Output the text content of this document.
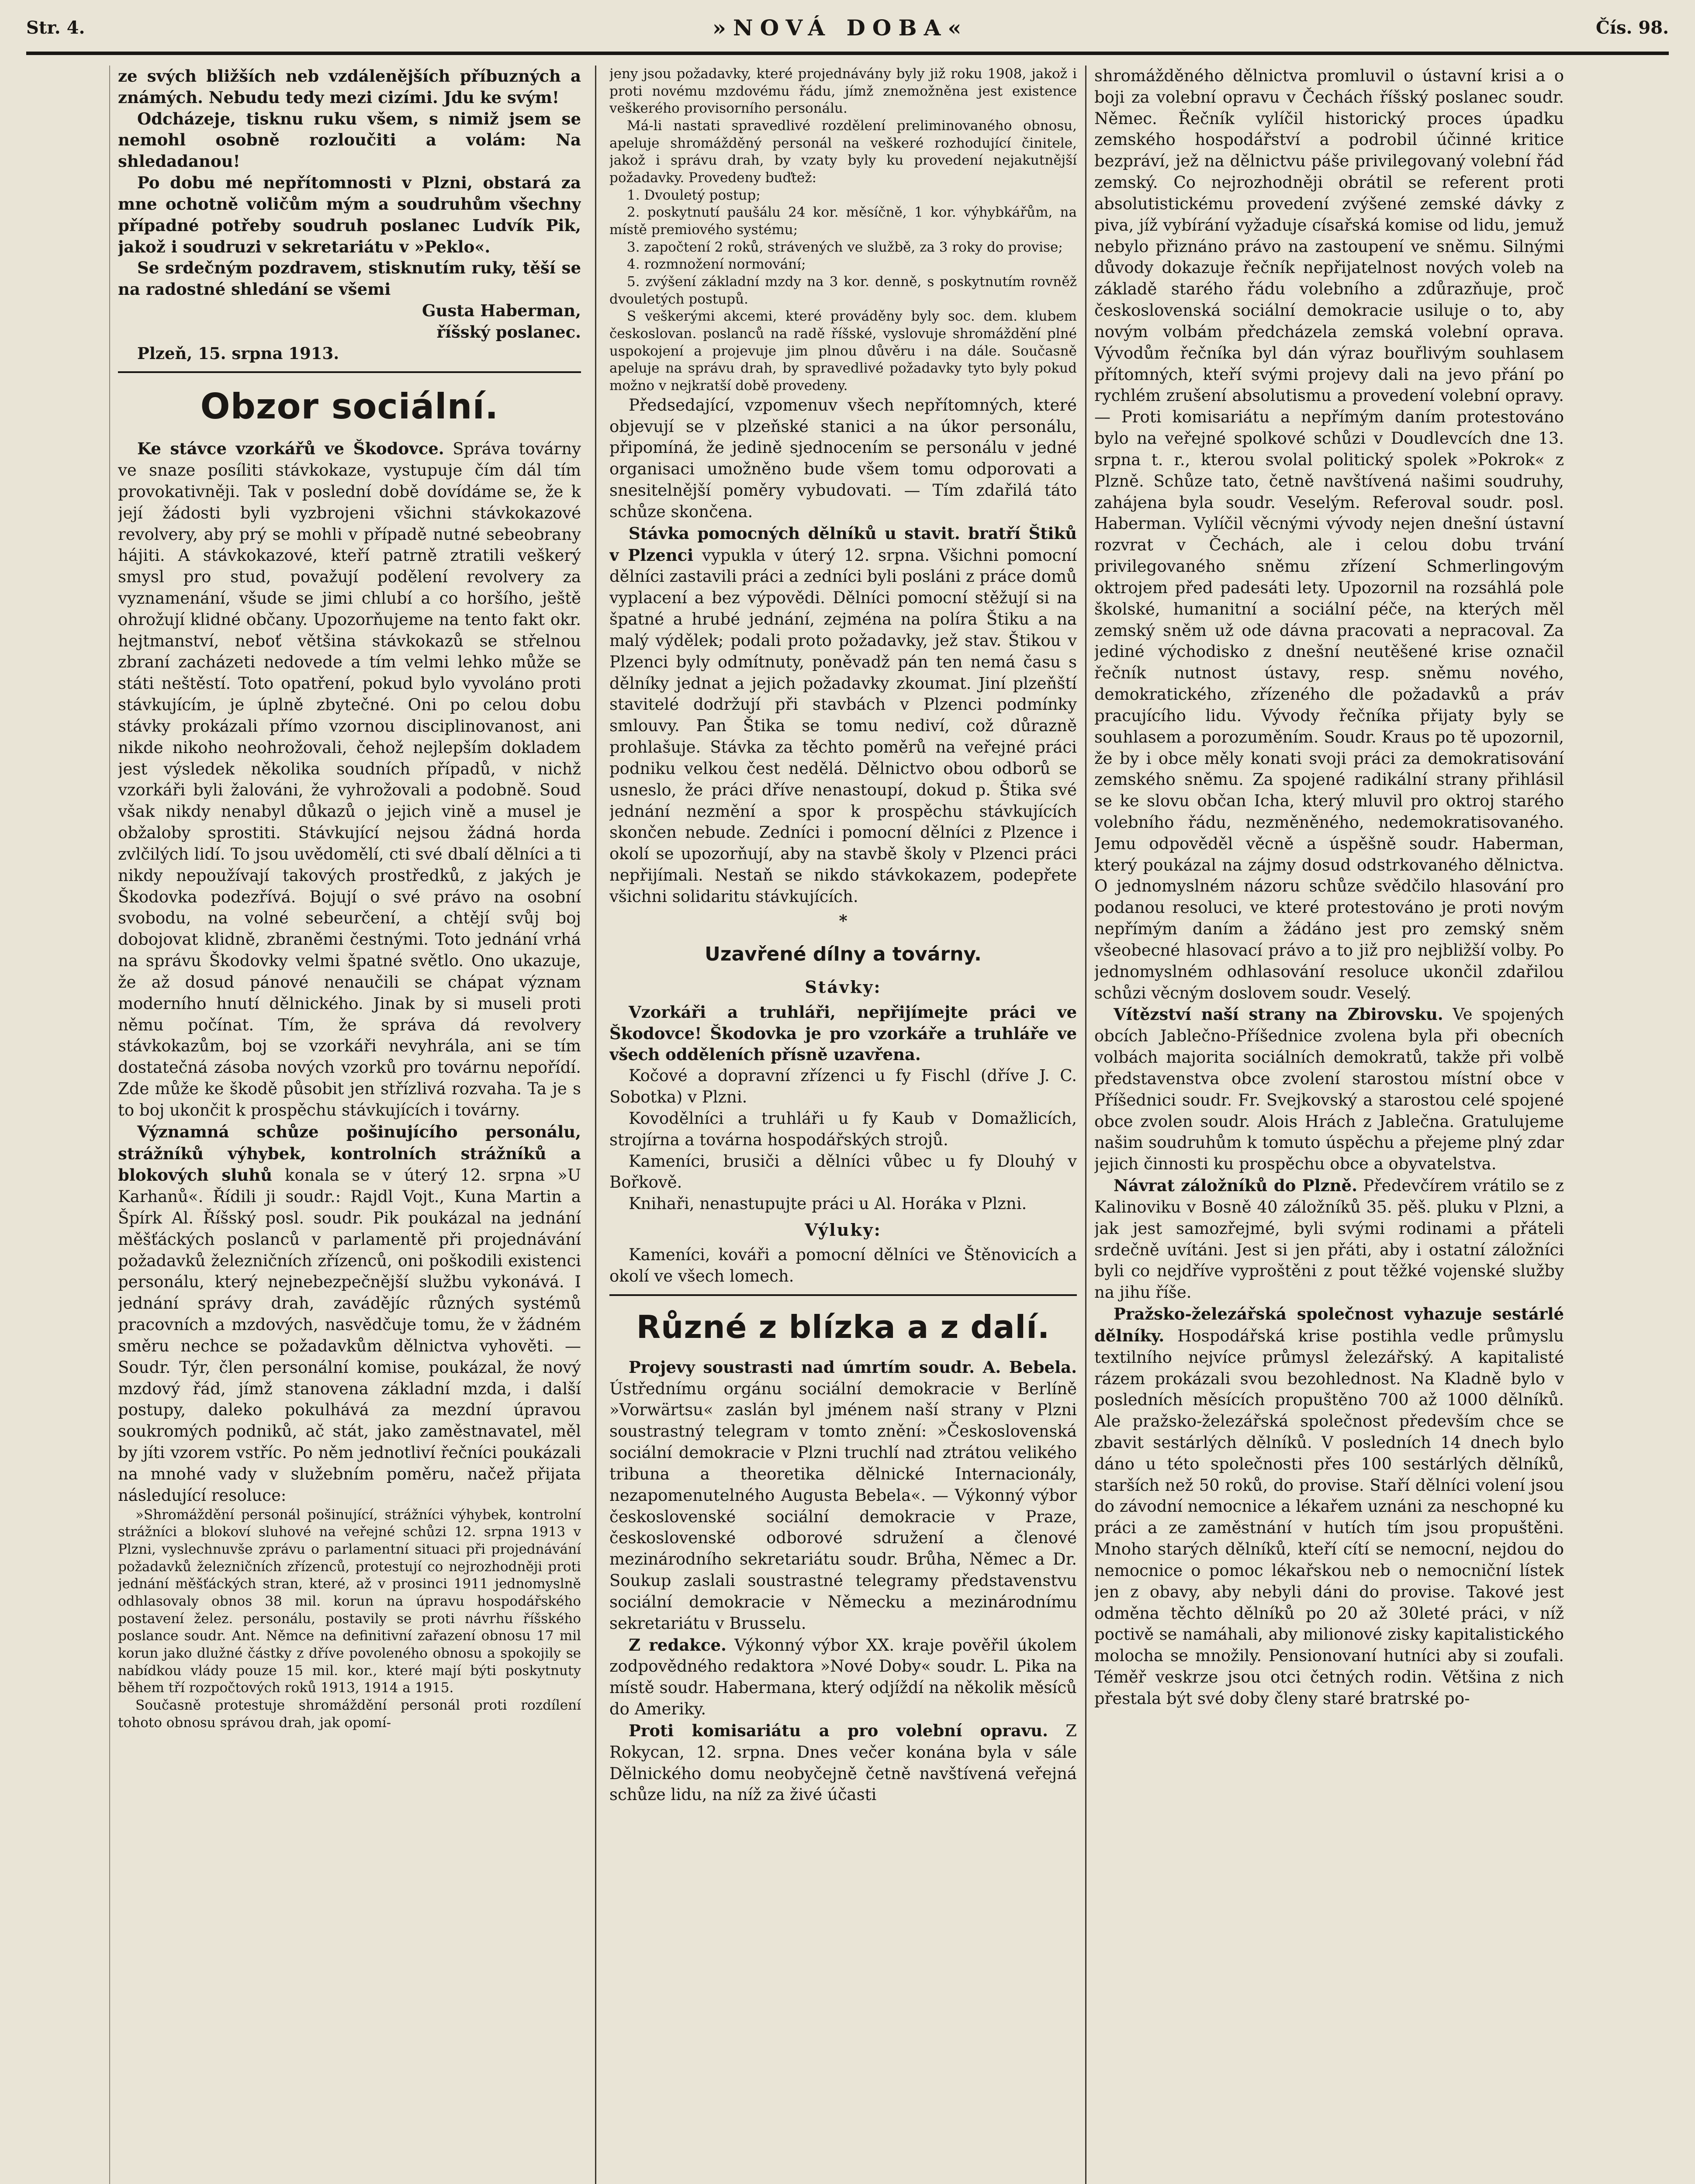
Str. 4.	»NOVÁ DOBA«	Čís. 98.

ze svých bližších neb vzdálenějších příbuzných a známých. Nebudu tedy mezi cizími. Jdu ke svým!

Odcházeje, tisknu ruku všem, s nimiž jsem se nemohl osobně rozloučiti a volám: Na shledadanou!

Po dobu mé nepřítomnosti v Plzni, obstará za mne ochotně voličům mým a soudruhům všechny případné potřeby soudruh poslanec Ludvík Pik, jakož i soudruzi v sekretariátu v »Peklo«.

Se srdečným pozdravem, stisknutím ruky, těší se na radostné shledání se všemi

Gusta Haberman,
říšský poslanec.
Plzeň, 15. srpna 1913.
Obzor sociální.

Ke stávce vzorkářů ve Škodovce. Správa továrny ve snaze posíliti stávkokaze, vystupuje čím dál tím provokativněji. Tak v poslední době dovídáme se, že k její žádosti byli vyzbrojeni všichni stávkokazové revolvery, aby prý se mohli v případě nutné sebeobrany hájiti. A stávkokazové, kteří patrně ztratili veškerý smysl pro stud, považují podělení revolvery za vyznamenání, všude se jimi chlubí a co horšího, ještě ohrožují klidné občany. Upozorňujeme na tento fakt okr. hejtmanství, neboť většina stávkokazů se střelnou zbraní zacházeti nedovede a tím velmi lehko může se státi neštěstí. Toto opatření, pokud bylo vyvoláno proti stávkujícím, je úplně zbytečné. Oni po celou dobu stávky prokázali přímo vzornou disciplinovanost, ani nikde nikoho neohrožovali, čehož nejlepším dokladem jest výsledek několika soudních případů, v nichž vzorkáři byli žalováni, že vyhrožovali a podobně. Soud však nikdy nenabyl důkazů o jejich vině a musel je obžaloby sprostiti. Stávkující nejsou žádná horda zvlčilých lidí. To jsou uvědomělí, cti své dbalí dělníci a ti nikdy nepoužívají takových prostředků, z jakých je Škodovka podezřívá. Bojují o své právo na osobní svobodu, na volné sebeurčení, a chtějí svůj boj dobojovat klidně, zbraněmi čestnými. Toto jednání vrhá na správu Škodovky velmi špatné světlo. Ono ukazuje, že až dosud pánové nenaučili se chápat význam moderního hnutí dělnického. Jinak by si museli proti němu počínat. Tím, že správa dá revolvery stávkokazům, boj se vzorkáři nevyhrála, ani se tím dostatečná zásoba nových vzorků pro továrnu nepořídí. Zde může ke škodě působit jen střízlivá rozvaha. Ta je s to boj ukončit k prospěchu stávkujících i továrny.

Významná schůze pošinujícího personálu, strážníků výhybek, kontrolních strážníků a blokových sluhů konala se v úterý 12. srpna »U Karhanů«. Řídili ji soudr.: Rajdl Vojt., Kuna Martin a Špírk Al. Říšský posl. soudr. Pik poukázal na jednání měšťáckých poslanců v parlamentě při projednávání požadavků železničních zřízenců, oni poškodili existenci personálu, který nejnebezpečnější službu vykonává. I jednání správy drah, zavádějíc různých systémů pracovních a mzdových, nasvědčuje tomu, že v žádném směru nechce se požadavkům dělnictva vyhověti. — Soudr. Týr, člen personální komise, poukázal, že nový mzdový řád, jímž stanovena základní mzda, i další postupy, daleko pokulhává za mezdní úpravou soukromých podniků, ač stát, jako zaměstnavatel, měl by jíti vzorem vstříc. Po něm jednotliví řečníci poukázali na mnohé vady v služebním poměru, načež přijata následující resoluce:

»Shromáždění personál pošinující, strážníci výhybek, kontrolní strážníci a blokoví sluhové na veřejné schůzi 12. srpna 1913 v Plzni, vyslechnuvše zprávu o parlamentní situaci při projednávání požadavků železničních zřízenců, protestují co nejrozhodněji proti jednání měšťáckých stran, které, až v prosinci 1911 jednomyslně odhlasovaly obnos 38 mil. korun na úpravu hospodářského postavení želez. personálu, postavily se proti návrhu říšského poslance soudr. Ant. Němce na definitivní zařazení obnosu 17 mil korun jako dlužné částky z dříve povoleného obnosu a spokojily se nabídkou vlády pouze 15 mil. kor., které mají býti poskytnuty během tří rozpočtových roků 1913, 1914 a 1915.

Současně protestuje shromáždění personál proti rozdílení tohoto obnosu správou drah, jak opomí-

jeny jsou požadavky, které projednávány byly již roku 1908, jakož i proti novému mzdovému řádu, jímž znemožněna jest existence veškerého provisorního personálu.

Má-li nastati spravedlivé rozdělení preliminovaného obnosu, apeluje shromážděný personál na veškeré rozhodující činitele, jakož i správu drah, by vzaty byly ku provedení nejakutnější požadavky. Provedeny buďtež:

1. Dvouletý postup;

2. poskytnutí paušálu 24 kor. měsíčně, 1 kor. výhybkářům, na místě premiového systému;

3. započtení 2 roků, strávených ve službě, za 3 roky do provise;

4. rozmnožení normování;

5. zvýšení základní mzdy na 3 kor. denně, s poskytnutím rovněž dvouletých postupů.

S veškerými akcemi, které prováděny byly soc. dem. klubem českoslovan. poslanců na radě říšské, vyslovuje shromáždění plné uspokojení a projevuje jim plnou důvěru i na dále. Současně apeluje na správu drah, by spravedlivé požadavky tyto byly pokud možno v nejkratší době provedeny.

Předsedající, vzpomenuv všech nepřítomných, které objevují se v plzeňské stanici a na úkor personálu, připomíná, že jedině sjednocením se personálu v jedné organisaci umožněno bude všem tomu odporovati a snesitelnější poměry vybudovati. — Tím zdařilá táto schůze skončena.

Stávka pomocných dělníků u stavit. bratří Štiků v Plzenci vypukla v úterý 12. srpna. Všichni pomocní dělníci zastavili práci a zedníci byli posláni z práce domů vyplacení a bez výpovědi. Dělníci pomocní stěžují si na špatné a hrubé jednání, zejména na políra Štiku a na malý výdělek; podali proto požadavky, jež stav. Štikou v Plzenci byly odmítnuty, poněvadž pán ten nemá času s dělníky jednat a jejich požadavky zkoumat. Jiní plzeňští stavitelé dodržují při stavbách v Plzenci podmínky smlouvy. Pan Štika se tomu nediví, což důrazně prohlašuje. Stávka za těchto poměrů na veřejné práci podniku velkou čest nedělá. Dělnictvo obou odborů se usneslo, že práci dříve nenastoupí, dokud p. Štika své jednání nezmění a spor k prospěchu stávkujících skončen nebude. Zedníci i pomocní dělníci z Plzence i okolí se upozorňují, aby na stavbě školy v Plzenci práci nepřijímali. Nestaň se nikdo stávkokazem, podepřete všichni solidaritu stávkujících.

*
Uzavřené dílny a továrny.
Stávky:

Vzorkáři a truhláři, nepřijímejte práci ve Škodovce! Škodovka je pro vzorkáře a truhláře ve všech odděleních přísně uzavřena.

Kočové a dopravní zřízenci u fy Fischl (dříve J. C. Sobotka) v Plzni.

Kovodělníci a truhláři u fy Kaub v Domažlicích, strojírna a továrna hospodářských strojů.

Kameníci, brusiči a dělníci vůbec u fy Dlouhý v Bořkově.

Knihaři, nenastupujte práci u Al. Horáka v Plzni.

Výluky:

Kameníci, kováři a pomocní dělníci ve Štěnovicích a okolí ve všech lomech.

Různé z blízka a z dalí.

Projevy soustrasti nad úmrtím soudr. A. Bebela. Ústřednímu orgánu sociální demokracie v Berlíně »Vorwärtsu« zaslán byl jménem naší strany v Plzni soustrastný telegram v tomto znění: »Československá sociální demokracie v Plzni truchlí nad ztrátou velikého tribuna a theoretika dělnické Internacionály, nezapomenutelného Augusta Bebela«. — Výkonný výbor československé sociální demokracie v Praze, československé odborové sdružení a členové mezinárodního sekretariátu soudr. Brůha, Němec a Dr. Soukup zaslali soustrastné telegramy představenstvu sociální demokracie v Německu a mezinárodnímu sekretariátu v Brusselu.

Z redakce. Výkonný výbor XX. kraje pověřil úkolem zodpovědného redaktora »Nové Doby« soudr. L. Pika na místě soudr. Habermana, který odjíždí na několik měsíců do Ameriky.

Proti komisariátu a pro volební opravu. Z Rokycan, 12. srpna. Dnes večer konána byla v sále Dělnického domu neobyčejně četně navštívená veřejná schůze lidu, na níž za živé účasti

shromážděného dělnictva promluvil o ústavní krisi a o boji za volební opravu v Čechách říšský poslanec soudr. Němec. Řečník vylíčil historický proces úpadku zemského hospodářství a podrobil účinné kritice bezpráví, jež na dělnictvu páše privilegovaný volební řád zemský. Co nejrozhodněji obrátil se referent proti absolutistickému provedení zvýšené zemské dávky z piva, jíž vybírání vyžaduje císařská komise od lidu, jemuž nebylo přiznáno právo na zastoupení ve sněmu. Silnými důvody dokazuje řečník nepřijatelnost nových voleb na základě starého řádu volebního a zdůrazňuje, proč československá sociální demokracie usiluje o to, aby novým volbám předcházela zemská volební oprava. Vývodům řečníka byl dán výraz bouřlivým souhlasem přítomných, kteří svými projevy dali na jevo přání po rychlém zrušení absolutismu a provedení volební opravy. — Proti komisariátu a nepřímým daním protestováno bylo na veřejné spolkové schůzi v Doudlevcích dne 13. srpna t. r., kterou svolal politický spolek »Pokrok« z Plzně. Schůze tato, četně navštívená našimi soudruhy, zahájena byla soudr. Veselým. Referoval soudr. posl. Haberman. Vylíčil věcnými vývody nejen dnešní ústavní rozvrat v Čechách, ale i celou dobu trvání privilegovaného sněmu zřízení Schmerlingovým oktrojem před padesáti lety. Upozornil na rozsáhlá pole školské, humanitní a sociální péče, na kterých měl zemský sněm už ode dávna pracovati a nepracoval. Za jediné východisko z dnešní neutěšené krise označil řečník nutnost ústavy, resp. sněmu nového, demokratického, zřízeného dle požadavků a práv pracujícího lidu. Vývody řečníka přijaty byly se souhlasem a porozuměním. Soudr. Kraus po tě upozornil, že by i obce měly konati svoji práci za demokratisování zemského sněmu. Za spojené radikální strany přihlásil se ke slovu občan Icha, který mluvil pro oktroj starého volebního řádu, nezměněného, nedemokratisovaného. Jemu odpověděl věcně a úspěšně soudr. Haberman, který poukázal na zájmy dosud odstrkovaného dělnictva. O jednomyslném názoru schůze svědčilo hlasování pro podanou resoluci, ve které protestováno je proti novým nepřímým daním a žádáno jest pro zemský sněm všeobecné hlasovací právo a to již pro nejbližší volby. Po jednomyslném odhlasování resoluce ukončil zdařilou schůzi věcným doslovem soudr. Veselý.

Vítězství naší strany na Zbirovsku. Ve spojených obcích Jablečno-Příšednice zvolena byla při obecních volbách majorita sociálních demokratů, takže při volbě představenstva obce zvolení starostou místní obce v Příšednici soudr. Fr. Svejkovský a starostou celé spojené obce zvolen soudr. Alois Hrách z Jablečna. Gratulujeme našim soudruhům k tomuto úspěchu a přejeme plný zdar jejich činnosti ku prospěchu obce a obyvatelstva.

Návrat záložníků do Plzně. Předevčírem vrátilo se z Kalinoviku v Bosně 40 záložníků 35. pěš. pluku v Plzni, a jak jest samozřejmé, byli svými rodinami a přáteli srdečně uvítáni. Jest si jen přáti, aby i ostatní záložníci byli co nejdříve vyproštěni z pout těžké vojenské služby na jihu říše.

Pražsko-železářská společnost vyhazuje sestárlé dělníky. Hospodářská krise postihla vedle průmyslu textilního nejvíce průmysl železářský. A kapitalisté rázem prokázali svou bezohlednost. Na Kladně bylo v posledních měsících propuštěno 700 až 1000 dělníků. Ale pražsko-železářská společnost především chce se zbavit sestárlých dělníků. V posledních 14 dnech bylo dáno u této společnosti přes 100 sestárlých dělníků, starších než 50 roků, do provise. Staří dělníci volení jsou do závodní nemocnice a lékařem uznáni za neschopné ku práci a ze zaměstnání v hutích tím jsou propuštěni. Mnoho starých dělníků, kteří cítí se nemocní, nejdou do nemocnice o pomoc lékařskou neb o nemocniční lístek jen z obavy, aby nebyli dáni do provise. Takové jest odměna těchto dělníků po 20 až 30leté práci, v níž poctivě se namáhali, aby milionové zisky kapitalistického molocha se množily. Pensionovaní hutníci aby si zoufali. Téměř veskrze jsou otci četných rodin. Většina z nich přestala být své doby členy staré bratrské po-
